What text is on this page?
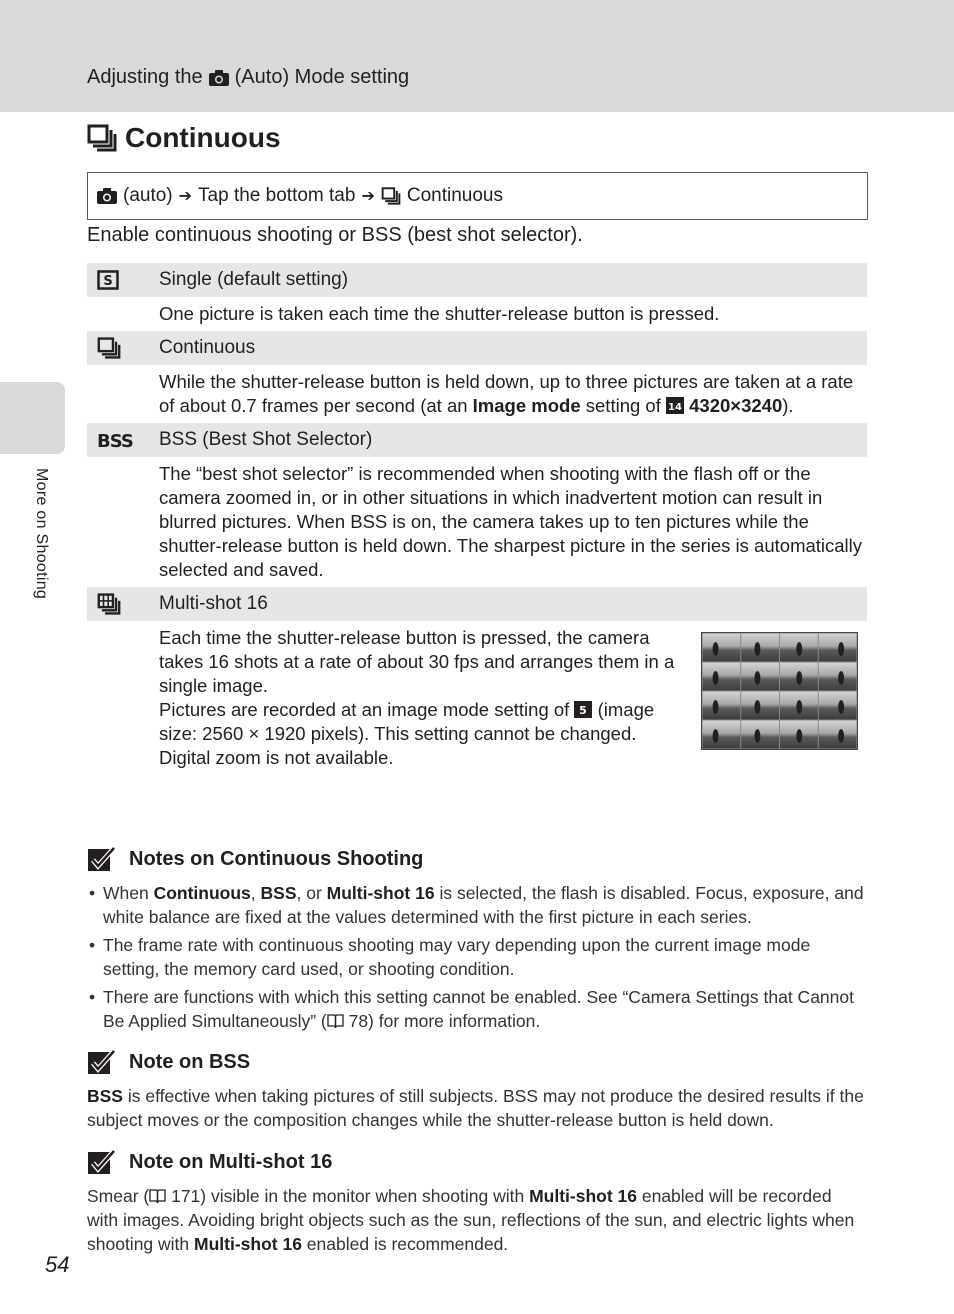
Adjusting the (Auto) Mode setting
More on Shooting
Continuous
(auto) ➔ Tap the bottom tab ➔ Continuous
Enable continuous shooting or BSS (best shot selector).
S Single (default setting)
One picture is taken each time the shutter-release button is pressed.
Continuous
While the shutter-release button is held down, up to three pictures are taken at a rate of about 0.7 frames per second (at an Image mode setting of 14 4320×3240).
BSS BSS (Best Shot Selector)
The “best shot selector” is recommended when shooting with the flash off or the camera zoomed in, or in other situations in which inadvertent motion can result in blurred pictures. When BSS is on, the camera takes up to ten pictures while the shutter-release button is held down. The sharpest picture in the series is automatically selected and saved.
Multi-shot 16
Each time the shutter-release button is pressed, the camera takes 16 shots at a rate of about 30 fps and arranges them in a single image.
Pictures are recorded at an image mode setting of 5 (image size: 2560 × 1920 pixels). This setting cannot be changed.
Digital zoom is not available.
Notes on Continuous Shooting
• When Continuous, BSS, or Multi-shot 16 is selected, the flash is disabled. Focus, exposure, and white balance are fixed at the values determined with the first picture in each series.
• The frame rate with continuous shooting may vary depending upon the current image mode setting, the memory card used, or shooting condition.
• There are functions with which this setting cannot be enabled. See “Camera Settings that Cannot Be Applied Simultaneously” ( 78) for more information.
Note on BSS

BSS is effective when taking pictures of still subjects. BSS may not produce the desired results if the subject moves or the composition changes while the shutter-release button is held down.

Note on Multi-shot 16

Smear ( 171) visible in the monitor when shooting with Multi-shot 16 enabled will be recorded with images. Avoiding bright objects such as the sun, reflections of the sun, and electric lights when shooting with Multi-shot 16 enabled is recommended.

54
